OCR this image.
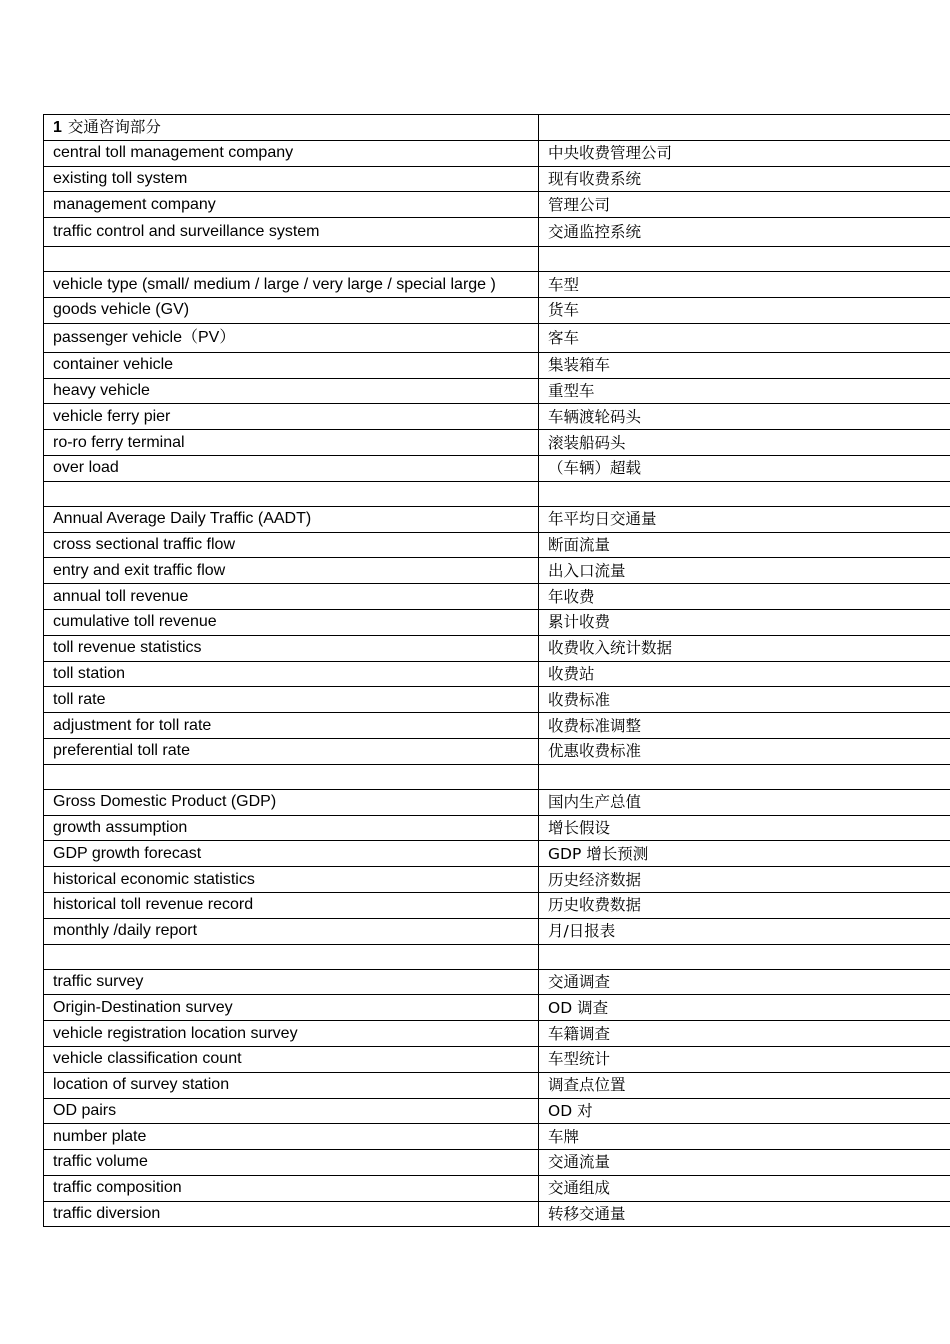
1 交通咨询部分	
central toll management company	中央收费管理公司
existing toll system	现有收费系统
management company	管理公司
traffic control and surveillance system	交通监控系统

vehicle type (small/ medium / large / very large / special large )	车型
goods vehicle (GV)	货车
passenger vehicle（PV）	客车
container vehicle	集装箱车
heavy vehicle	重型车
vehicle ferry pier	车辆渡轮码头
ro-ro ferry terminal	滚装船码头
over load	（车辆）超载

Annual Average Daily Traffic (AADT)	年平均日交通量
cross sectional traffic flow	断面流量
entry and exit traffic flow	出入口流量
annual toll revenue	年收费
cumulative toll revenue	累计收费
toll revenue statistics	收费收入统计数据
toll station	收费站
toll rate	收费标准
adjustment for toll rate	收费标准调整
preferential toll rate	优惠收费标准

Gross Domestic Product (GDP)	国内生产总值
growth assumption	增长假设
GDP growth forecast	GDP 增长预测
historical economic statistics	历史经济数据
historical toll revenue record	历史收费数据
monthly /daily report	月/日报表

traffic survey	交通调查
Origin-Destination survey	OD 调查
vehicle registration location survey	车籍调查
vehicle classification count	车型统计
location of survey station	调查点位置
OD pairs	OD 对
number plate	车牌
traffic volume	交通流量
traffic composition	交通组成
traffic diversion	转移交通量
